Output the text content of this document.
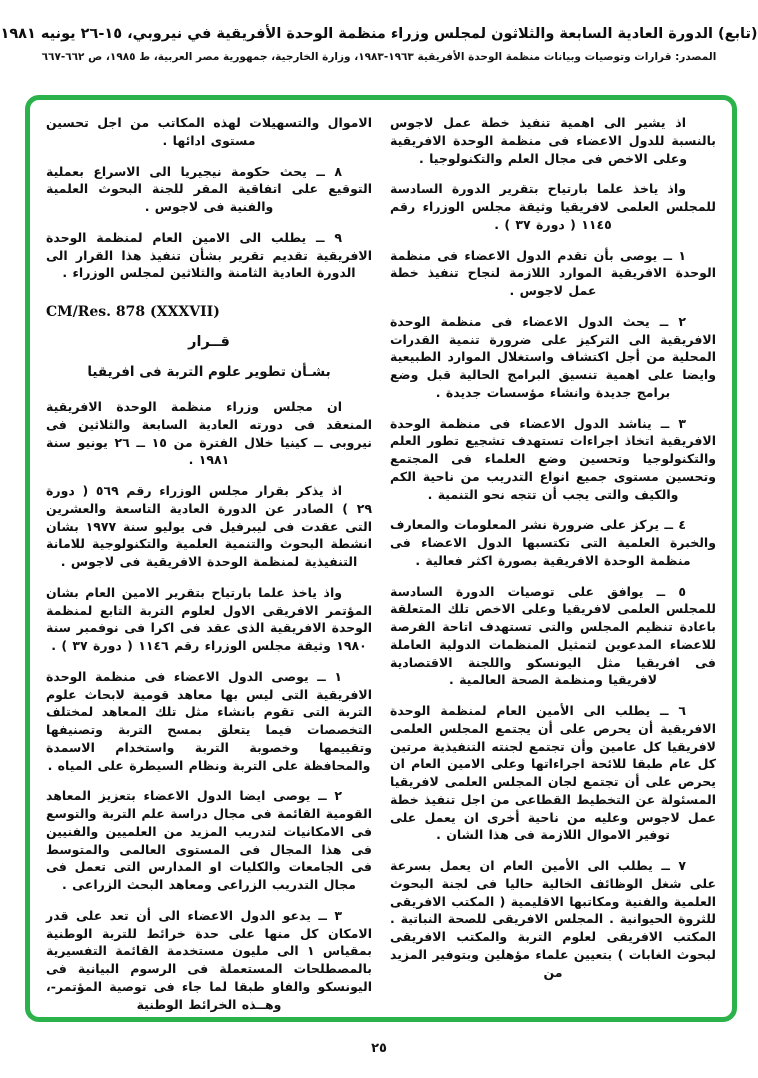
(تابع) الدورة العادية السابعة والثلاثون لمجلس وزراء منظمة الوحدة الأفريقية في نيروبي، ١٥-٢٦ يونيه ١٩٨١
المصدر: قرارات وتوصيات وبيانات منظمة الوحدة الأفريقية ١٩٦٣-١٩٨٣، وزارة الخارجية، جمهورية مصر العربية، ط ١٩٨٥، ص ٦٦٢-٦٦٧

اذ يشير الى اهمية تنفيذ خطة عمل لاجوس بالنسبة للدول الاعضاء فى منظمة الوحدة الافريقية وعلى الاخص فى مجال العلم والتكنولوجيا .

واذ ياخذ علما بارتياح بتقرير الدورة السادسة للمجلس العلمى لافريقيا وثيقة مجلس الوزراء رقم ١١٤٥ ( دورة ٣٧ ) .

١ ــ يوصى بأن تقدم الدول الاعضاء فى منظمة الوحدة الافريقية الموارد اللازمة لنجاح تنفيذ خطة عمل لاجوس .

٢ ــ يحث الدول الاعضاء فى منظمة الوحدة الافريقية الى التركيز على ضرورة تنمية القدرات المحلية من أجل اكتشاف واستغلال الموارد الطبيعية وايضا على اهمية تنسيق البرامج الحالية قبل وضع برامج جديدة وانشاء مؤسسات جديدة .

٣ ــ يناشد الدول الاعضاء فى منظمة الوحدة الافريقية اتخاذ اجراءات تستهدف تشجيع تطور العلم والتكنولوجيا وتحسين وضع العلماء فى المجتمع وتحسين مستوى جميع انواع التدريب من ناحية الكم والكيف والتى يجب أن تتجه نحو التنمية .

٤ ــ يركز على ضرورة نشر المعلومات والمعارف والخبرة العلمية التى تكتسبها الدول الاعضاء فى منظمة الوحدة الافريقية بصورة اكثر فعالية .

٥ ــ يوافق على توصيات الدورة السادسة للمجلس العلمى لافريقيا وعلى الاخص تلك المتعلقة باعادة تنظيم المجلس والتى تستهدف اتاحة الفرصة للاعضاء المدعوين لتمثيل المنظمات الدولية العاملة فى افريقيا مثل اليونسكو واللجنة الاقتصادية لافريقيا ومنظمة الصحة العالمية .

٦ ــ يطلب الى الأمين العام لمنظمة الوحدة الافريقية أن يحرص على أن يجتمع المجلس العلمى لافريقيا كل عامين وأن تجتمع لجنته التنفيذية مرتين كل عام طبقا للائحة اجراءاتها وعلى الامين العام ان يحرص على أن تجتمع لجان المجلس العلمى لافريقيا المسئولة عن التخطيط القطاعى من اجل تنفيذ خطة عمل لاجوس وعليه من ناحية أخرى ان يعمل على توفير الاموال اللازمة فى هذا الشان .

٧ ــ يطلب الى الأمين العام ان يعمل بسرعة على شغل الوظائف الخالية حاليا فى لجنة البحوث العلمية والفنية ومكاتبها الاقليمية ( المكتب الافريقى للثروة الحيوانية . المجلس الافريقى للصحة النباتية . المكتب الافريقى لعلوم التربة والمكتب الافريقى لبحوث الغابات ) بتعيين علماء مؤهلين وبتوفير المزيد من

الاموال والتسهيلات لهذه المكاتب من اجل تحسين مستوى ادائها .

٨ ــ يحث حكومة نيجيريا الى الاسراع بعملية التوقيع على اتفاقية المقر للجنة البحوث العلمية والفنية فى لاجوس .

٩ ــ يطلب الى الامين العام لمنظمة الوحدة الافريقية تقديم تقرير بشأن تنفيذ هذا القرار الى الدورة العادية الثامنة والثلاثين لمجلس الوزراء .

CM/Res. 878 (XXXVII)
قــرار
بشـأن تطوير علوم التربة فى افريقيا

ان مجلس وزراء منظمة الوحدة الافريقية المنعقد فى دورته العادية السابعة والثلاثين فى نيروبى ــ كينيا خلال الفترة من ١٥ ــ ٢٦ يونيو سنة ١٩٨١ .

اذ يذكر بقرار مجلس الوزراء رقم ٥٦٩ ( دورة ٢٩ ) الصادر عن الدورة العادية التاسعة والعشرين التى عقدت فى ليبرفيل فى يوليو سنة ١٩٧٧ بشان انشطة البحوث والتنمية العلمية والتكنولوجية للامانة التنفيذية لمنظمة الوحدة الافريقية فى لاجوس .

واذ ياخذ علما بارتياح بتقرير الامين العام بشان المؤتمر الافريقى الاول لعلوم التربة التابع لمنظمة الوحدة الافريقية الذى عقد فى اكرا فى نوفمبر سنة ١٩٨٠ وثيقة مجلس الوزراء رقم ١١٤٦ ( دورة ٣٧ ) .

١ ــ يوصى الدول الاعضاء فى منظمة الوحدة الافريقية التى ليس بها معاهد قومية لابحاث علوم التربة التى تقوم بانشاء مثل تلك المعاهد لمختلف التخصصات فيما يتعلق بمسح التربة وتصنيفها وتقييمها وخصوبة التربة واستخدام الاسمدة والمحافظة على التربة ونظام السيطرة على المياه .

٢ ــ يوصى ايضا الدول الاعضاء بتعزيز المعاهد القومية القائمة فى مجال دراسة علم التربة والتوسع فى الامكانيات لتدريب المزيد من العلميين والفنيين فى هذا المجال فى المستوى العالمى والمتوسط فى الجامعات والكليات او المدارس التى تعمل فى مجال التدريب الزراعى ومعاهد البحث الزراعى .

٣ ــ يدعو الدول الاعضاء الى أن تعد على قدر الامكان كل منها على حدة خرائط للتربة الوطنية بمقياس ١ الى مليون مستخدمة القائمة التفسيرية بالمصطلحات المستعملة فى الرسوم البيانية فى اليونسكو والفاو طبقا لما جاء فى توصية المؤتمر-، وهــذه الخرائط الوطنية

٢٥
